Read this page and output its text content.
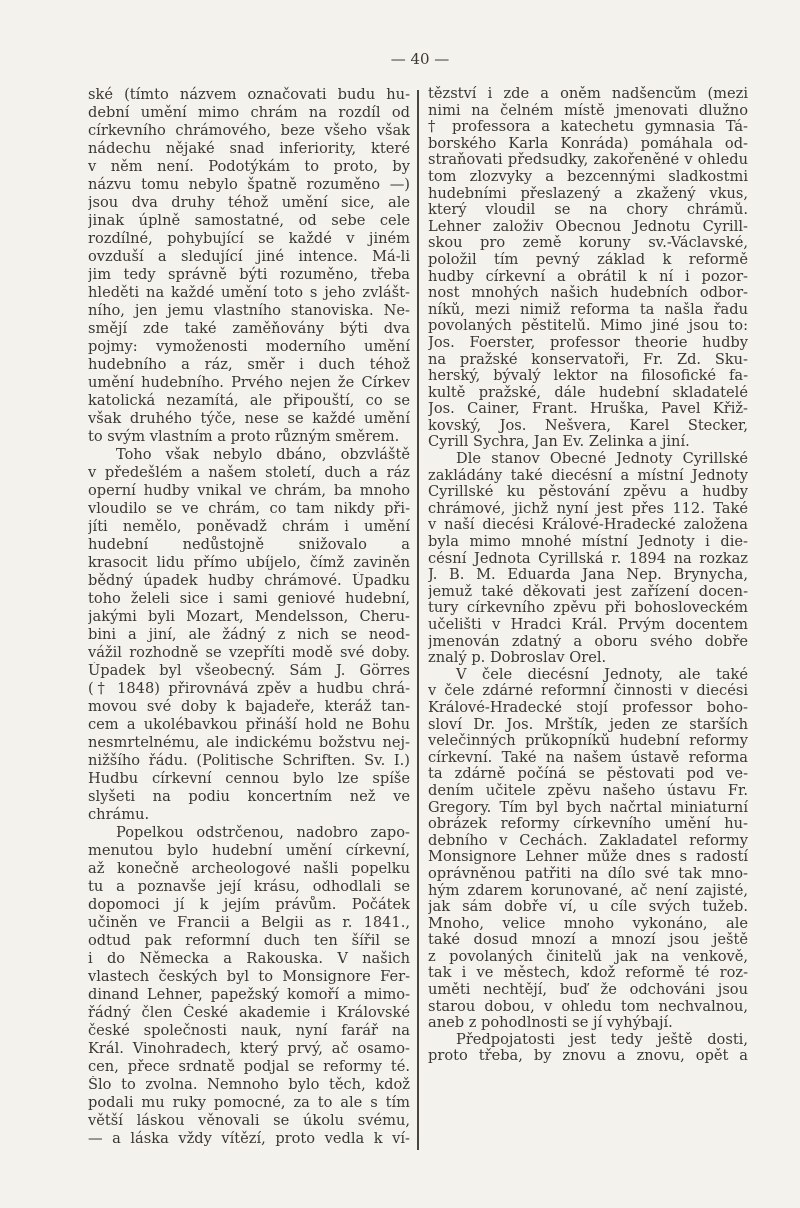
— 40 —
ské (tímto názvem označovati budu hu-
dební umění mimo chrám na rozdíl od
církevního chrámového, beze všeho však
nádechu nějaké snad inferiority, které
v něm není. Podotýkám to proto, by
názvu tomu nebylo špatně rozuměno —)
jsou dva druhy téhož umění sice, ale
jinak úplně samostatné, od sebe cele
rozdílné, pohybující se každé v jiném
ovzduší a sledující jiné intence. Má-li
jim tedy správně býti rozuměno, třeba
hleděti na každé umění toto s jeho zvlášt-
ního, jen jemu vlastního stanoviska. Ne-
smějí zde také zaměňovány býti dva
pojmy: vymoženosti moderního umění
hudebního a ráz, směr i duch téhož
umění hudebního. Prvého nejen že Církev
katolická nezamítá, ale připouští, co se
však druhého týče, nese se každé umění
to svým vlastním a proto různým směrem.
Toho však nebylo dbáno, obzvláště
v předešlém a našem století, duch a ráz
operní hudby vnikal ve chrám, ba mnoho
vloudilo se ve chrám, co tam nikdy při-
jíti nemělo, poněvadž chrám i umění
hudební nedůstojně snižovalo a
krasocit lidu přímo ubíjelo, čímž zaviněn
bědný úpadek hudby chrámové. Úpadku
toho želeli sice i sami geniové hudební,
jakými byli Mozart, Mendelsson, Cheru-
bini a jiní, ale žádný z nich se neod-
vážil rozhodně se vzepříti modě své doby.
Úpadek byl všeobecný. Sám J. Görres
(† 1848) přirovnává zpěv a hudbu chrá-
movou své doby k bajadeře, kteráž tan-
cem a ukolébavkou přináší hold ne Bohu
nesmrtelnému, ale indickému božstvu nej-
nižšího řádu. (Politische Schriften. Sv. I.)
Hudbu církevní cennou bylo lze spíše
slyšeti na podiu koncertním než ve
chrámu.
Popelkou odstrčenou, nadobro zapo-
menutou bylo hudební umění církevní,
až konečně archeologové našli popelku
tu a poznavše její krásu, odhodlali se
dopomoci jí k jejím právům. Počátek
učiněn ve Francii a Belgii as r. 1841.,
odtud pak reformní duch ten šířil se
i do Německa a Rakouska. V našich
vlastech českých byl to Monsignore Fer-
dinand Lehner, papežský komoří a mimo-
řádný člen České akademie i Královské
české společnosti nauk, nyní farář na
Král. Vinohradech, který prvý, ač osamo-
cen, přece srdnatě podjal se reformy té.
Šlo to zvolna. Nemnoho bylo těch, kdož
podali mu ruky pomocné, za to ale s tím
větší láskou věnovali se úkolu svému,
— a láska vždy vítězí, proto vedla k ví-
tězství i zde a oněm nadšencům (mezi
nimi na čelném místě jmenovati dlužno
† professora a katechetu gymnasia Tá-
borského Karla Konráda) pomáhala od-
straňovati předsudky, zakořeněné v ohledu
tom zlozvyky a bezcennými sladkostmi
hudebními přeslazený a zkažený vkus,
který vloudil se na chory chrámů.
Lehner založiv Obecnou Jednotu Cyrill-
skou pro země koruny sv.-Václavské,
položil tím pevný základ k reformě
hudby církevní a obrátil k ní i pozor-
nost mnohých našich hudebních odbor-
níků, mezi nimiž reforma ta našla řadu
povolaných pěstitelů. Mimo jiné jsou to:
Jos. Foerster, professor theorie hudby
na pražské konservatoři, Fr. Zd. Sku-
herský, bývalý lektor na filosofické fa-
kultě pražské, dále hudební skladatelé
Jos. Cainer, Frant. Hruška, Pavel Křiž-
kovský, Jos. Nešvera, Karel Stecker,
Cyrill Sychra, Jan Ev. Zelinka a jiní.
Dle stanov Obecné Jednoty Cyrillské
zakládány také diecésní a místní Jednoty
Cyrillské ku pěstování zpěvu a hudby
chrámové, jichž nyní jest přes 112. Také
v naší diecési Králové-Hradecké založena
byla mimo mnohé místní Jednoty i die-
césní Jednota Cyrillská r. 1894 na rozkaz
J. B. M. Eduarda Jana Nep. Brynycha,
jemuž také děkovati jest zařízení docen-
tury církevního zpěvu při bohosloveckém
učelišti v Hradci Král. Prvým docentem
jmenován zdatný a oboru svého dobře
znalý p. Dobroslav Orel.
V čele diecésní Jednoty, ale také
v čele zdárné reformní činnosti v diecési
Králové-Hradecké stojí professor boho-
sloví Dr. Jos. Mrštík, jeden ze starších
velečinných průkopníků hudební reformy
církevní. Také na našem ústavě reforma
ta zdárně počíná se pěstovati pod ve-
dením učitele zpěvu našeho ústavu Fr.
Gregory. Tím byl bych načrtal miniaturní
obrázek reformy církevního umění hu-
debního v Čechách. Zakladatel reformy
Monsignore Lehner může dnes s radostí
oprávněnou patřiti na dílo své tak mno-
hým zdarem korunované, ač není zajisté,
jak sám dobře ví, u cíle svých tužeb.
Mnoho, velice mnoho vykonáno, ale
také dosud mnozí a mnozí jsou ještě
z povolaných činitelů jak na venkově,
tak i ve městech, kdož reformě té roz-
uměti nechtějí, buď že odchováni jsou
starou dobou, v ohledu tom nechvalnou,
aneb z pohodlnosti se jí vyhýbají.
Předpojatosti jest tedy ještě dosti,
proto třeba, by znovu a znovu, opět a
